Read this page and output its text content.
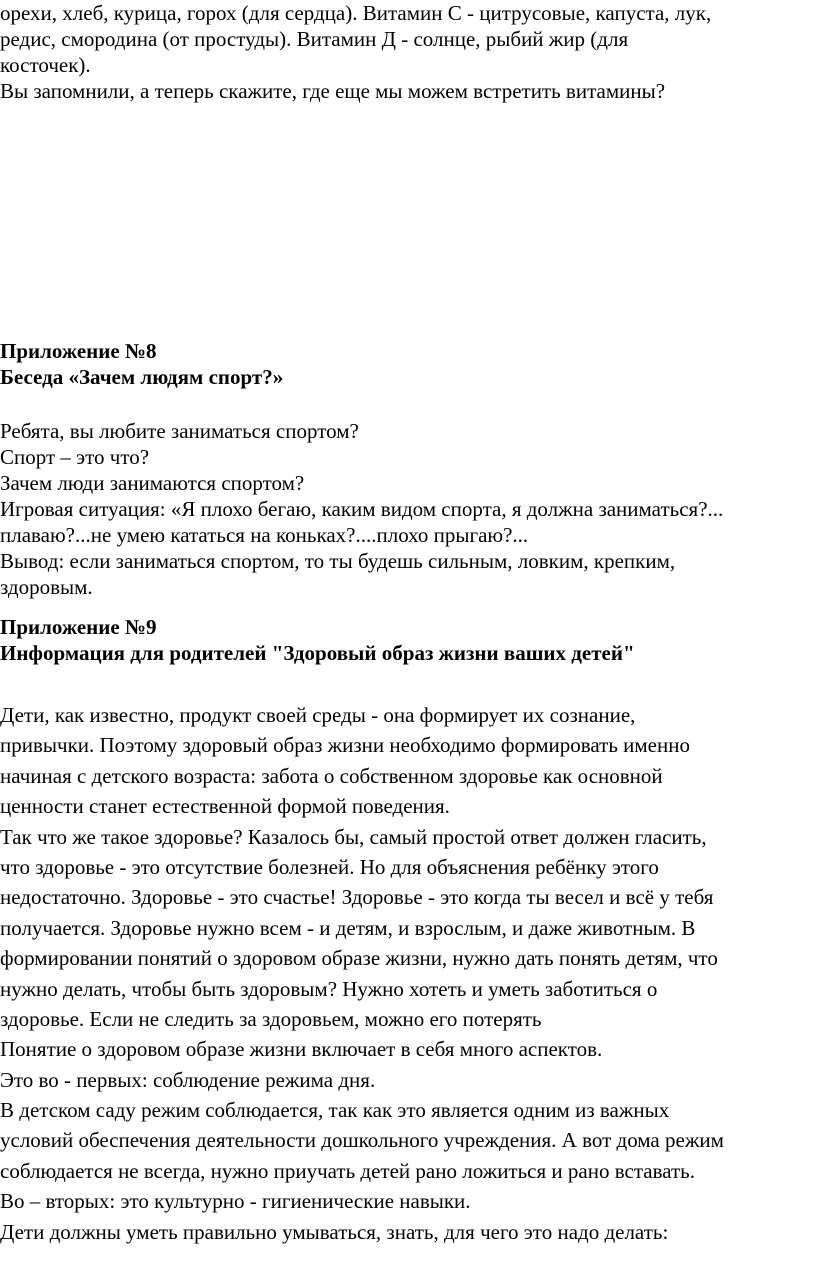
орехи, хлеб, курица, горох (для сердца). Витамин С - цитрусовые, капуста, лук,
редис, смородина (от простуды). Витамин Д - солнце, рыбий жир (для
косточек).
Вы запомнили, а теперь скажите, где еще мы можем встретить витамины?
Приложение №8
Беседа «Зачем людям спорт?»
Ребята, вы любите заниматься спортом?
Спорт – это что?
Зачем люди занимаются спортом?
Игровая ситуация: «Я плохо бегаю, каким видом спорта, я должна заниматься?...
плаваю?...не умею кататься на коньках?....плохо прыгаю?...
Вывод: если заниматься спортом, то ты будешь сильным, ловким, крепким,
здоровым.
Приложение №9
Информация для родителей "Здоровый образ жизни ваших детей"
Дети, как известно, продукт своей среды - она формирует их сознание,
привычки. Поэтому здоровый образ жизни необходимо формировать именно
начиная с детского возраста: забота о собственном здоровье как основной
ценности станет естественной формой поведения.
Так что же такое здоровье? Казалось бы, самый простой ответ должен гласить,
что здоровье - это отсутствие болезней. Но для объяснения ребёнку этого
недостаточно. Здоровье - это счастье! Здоровье - это когда ты весел и всё у тебя
получается. Здоровье нужно всем - и детям, и взрослым, и даже животным. В
формировании понятий о здоровом образе жизни, нужно дать понять детям, что
нужно делать, чтобы быть здоровым? Нужно хотеть и уметь заботиться о
здоровье. Если не следить за здоровьем, можно его потерять
Понятие о здоровом образе жизни включает в себя много аспектов.
Это во - первых: соблюдение режима дня.
В детском саду режим соблюдается, так как это является одним из важных
условий обеспечения деятельности дошкольного учреждения. А вот дома режим
соблюдается не всегда, нужно приучать детей рано ложиться и рано вставать.
Во – вторых: это культурно - гигиенические навыки.
Дети должны уметь правильно умываться, знать, для чего это надо делать:
